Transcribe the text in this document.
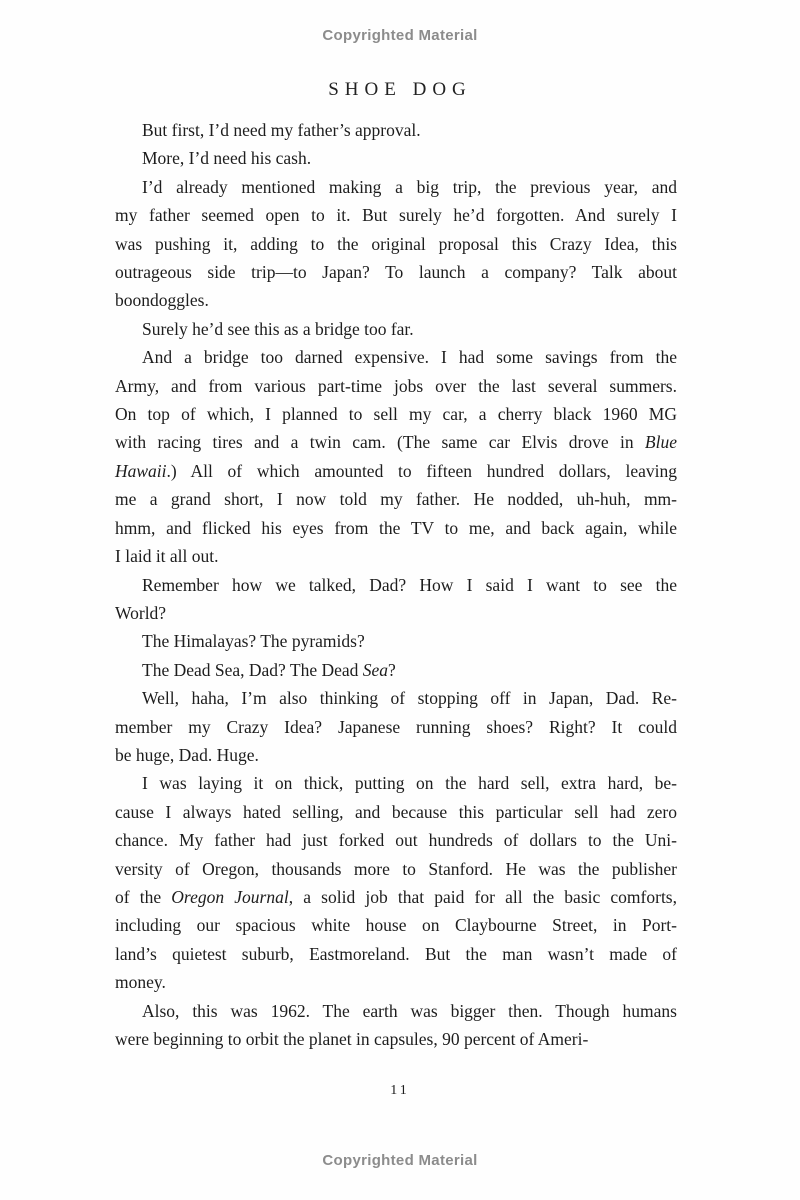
Copyrighted Material
SHOE DOG

But first, I’d need my father’s approval.

More, I’d need his cash.

I’d already mentioned making a big trip, the previous year, and
my father seemed open to it. But surely he’d forgotten. And surely I
was pushing it, adding to the original proposal this Crazy Idea, this
outrageous side trip—to Japan? To launch a company? Talk about
boondoggles.

Surely he’d see this as a bridge too far.

And a bridge too darned expensive. I had some savings from the
Army, and from various part-time jobs over the last several summers.
On top of which, I planned to sell my car, a cherry black 1960 MG
with racing tires and a twin cam. (The same car Elvis drove in Blue
Hawaii.) All of which amounted to fifteen hundred dollars, leaving
me a grand short, I now told my father. He nodded, uh-huh, mm-
hmm, and flicked his eyes from the TV to me, and back again, while
I laid it all out.

Remember how we talked, Dad? How I said I want to see the
World?

The Himalayas? The pyramids?

The Dead Sea, Dad? The Dead Sea?

Well, haha, I’m also thinking of stopping off in Japan, Dad. Re-
member my Crazy Idea? Japanese running shoes? Right? It could
be huge, Dad. Huge.

I was laying it on thick, putting on the hard sell, extra hard, be-
cause I always hated selling, and because this particular sell had zero
chance. My father had just forked out hundreds of dollars to the Uni-
versity of Oregon, thousands more to Stanford. He was the publisher
of the Oregon Journal, a solid job that paid for all the basic comforts,
including our spacious white house on Claybourne Street, in Port-
land’s quietest suburb, Eastmoreland. But the man wasn’t made of
money.

Also, this was 1962. The earth was bigger then. Though humans
were beginning to orbit the planet in capsules, 90 percent of Ameri-

11
Copyrighted Material
